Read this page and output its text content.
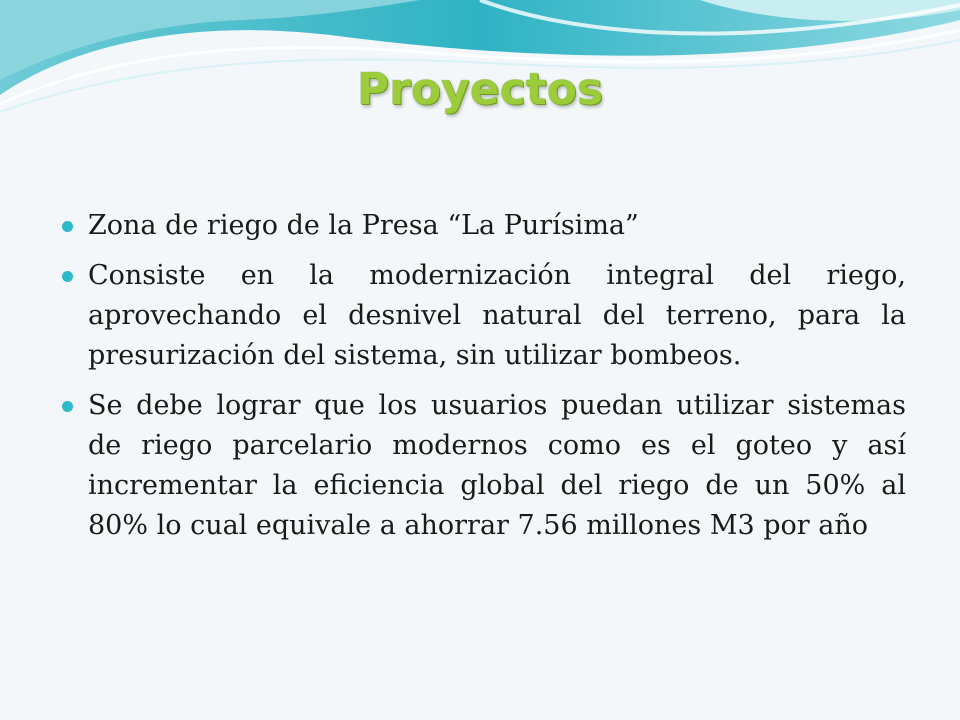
Proyectos
Zona de riego de la Presa “La Purísima”
Consiste en la modernización integral del riego, aprovechando el desnivel natural del terreno, para la presurización del sistema, sin utilizar bombeos.
Se debe lograr que los usuarios puedan utilizar sistemas de riego parcelario modernos como es el goteo y así incrementar la eficiencia global del riego de un 50% al 80% lo cual equivale a ahorrar 7.56 millones M3 por año
